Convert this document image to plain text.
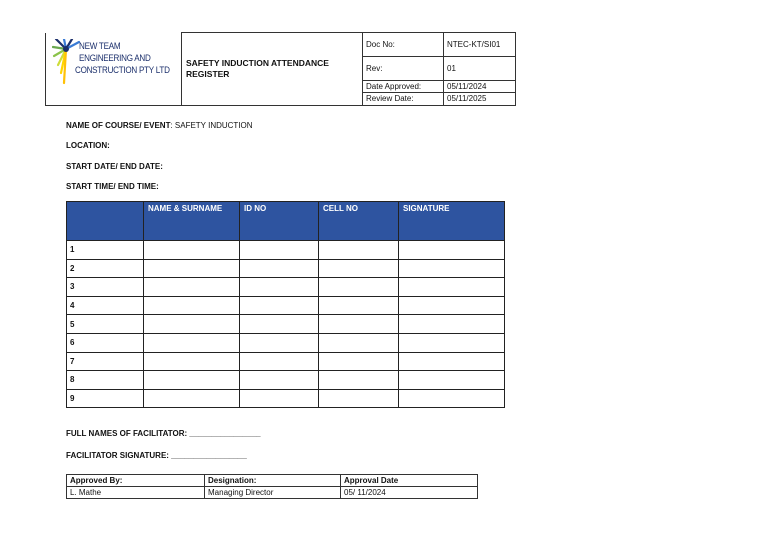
NEW TEAM
ENGINEERING AND
CONSTRUCTION PTY LTD	SAFETY INDUCTION ATTENDANCE REGISTER	Doc No:	NTEC-KT/SI01
		Rev:	01
		Date Approved:	05/11/2024
		Review Date:	05/11/2025
NAME OF COURSE/ EVENT: SAFETY INDUCTION
LOCATION:
START DATE/ END DATE:
START TIME/ END TIME:
	NAME & SURNAME	ID NO	CELL NO	SIGNATURE
1				
2				
3				
4				
5				
6				
7				
8				
9				
FULL NAMES OF FACILITATOR: ________________
FACILITATOR SIGNATURE: _________________
Approved By:	Designation:	Approval Date
L. Mathe	Managing Director	05/ 11/2024
